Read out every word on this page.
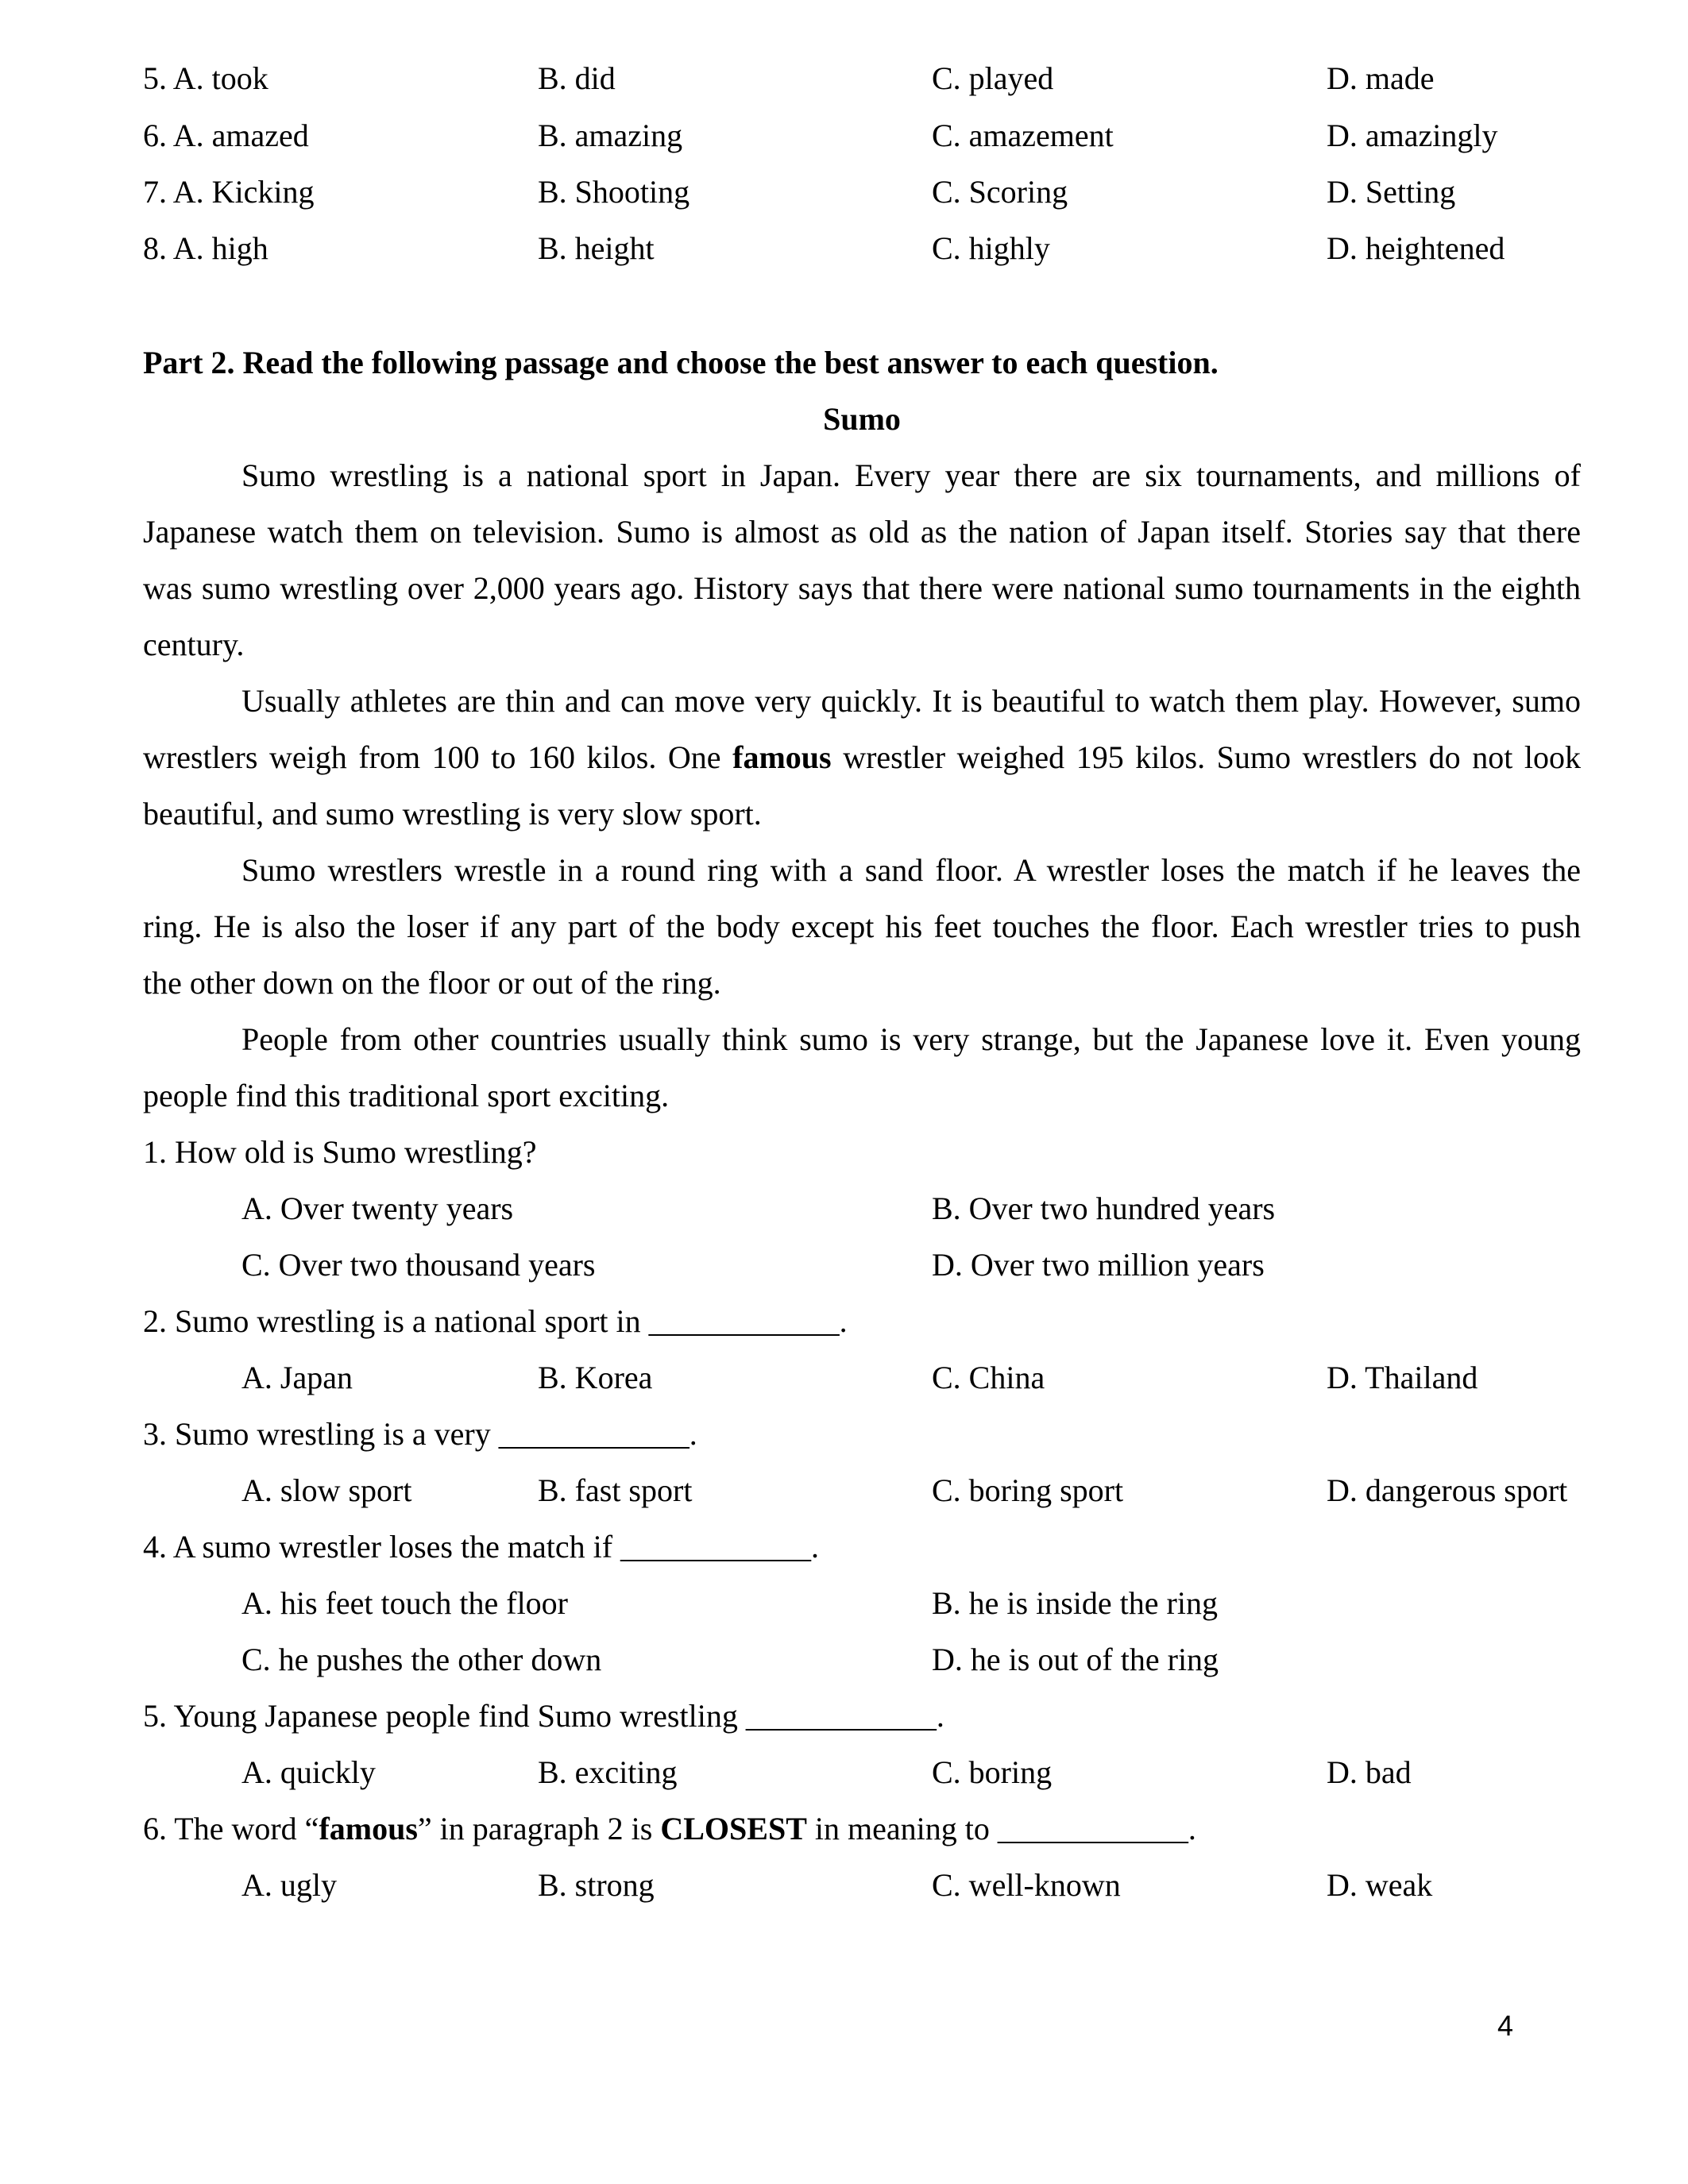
5. A. took	B. did	C. played	D. made
6. A. amazed	B. amazing	C. amazement	D. amazingly
7. A. Kicking	B. Shooting	C. Scoring	D. Setting
8. A. high	B. height	C. highly	D. heightened
Part 2. Read the following passage and choose the best answer to each question.
Sumo
Sumo wrestling is a national sport in Japan. Every year there are six tournaments, and millions of
Japanese watch them on television. Sumo is almost as old as the nation of Japan itself. Stories say that there
was sumo wrestling over 2,000 years ago. History says that there were national sumo tournaments in the eighth
century.
Usually athletes are thin and can move very quickly. It is beautiful to watch them play. However, sumo
wrestlers weigh from 100 to 160 kilos. One famous wrestler weighed 195 kilos. Sumo wrestlers do not look
beautiful, and sumo wrestling is very slow sport.
Sumo wrestlers wrestle in a round ring with a sand floor. A wrestler loses the match if he leaves the
ring. He is also the loser if any part of the body except his feet touches the floor. Each wrestler tries to push
the other down on the floor or out of the ring.
People from other countries usually think sumo is very strange, but the Japanese love it. Even young
people find this traditional sport exciting.
1. How old is Sumo wrestling?
A. Over twenty years	B. Over two hundred years
C. Over two thousand years	D. Over two million years
2. Sumo wrestling is a national sport in ____________.
A. Japan	B. Korea	C. China	D. Thailand
3. Sumo wrestling is a very ____________.
A. slow sport	B. fast sport	C. boring sport	D. dangerous sport
4. A sumo wrestler loses the match if ____________.
A. his feet touch the floor	B. he is inside the ring
C. he pushes the other down	D. he is out of the ring
5. Young Japanese people find Sumo wrestling ____________.
A. quickly	B. exciting	C. boring	D. bad
6. The word “famous” in paragraph 2 is CLOSEST in meaning to ____________.
A. ugly	B. strong	C. well-known	D. weak
4
